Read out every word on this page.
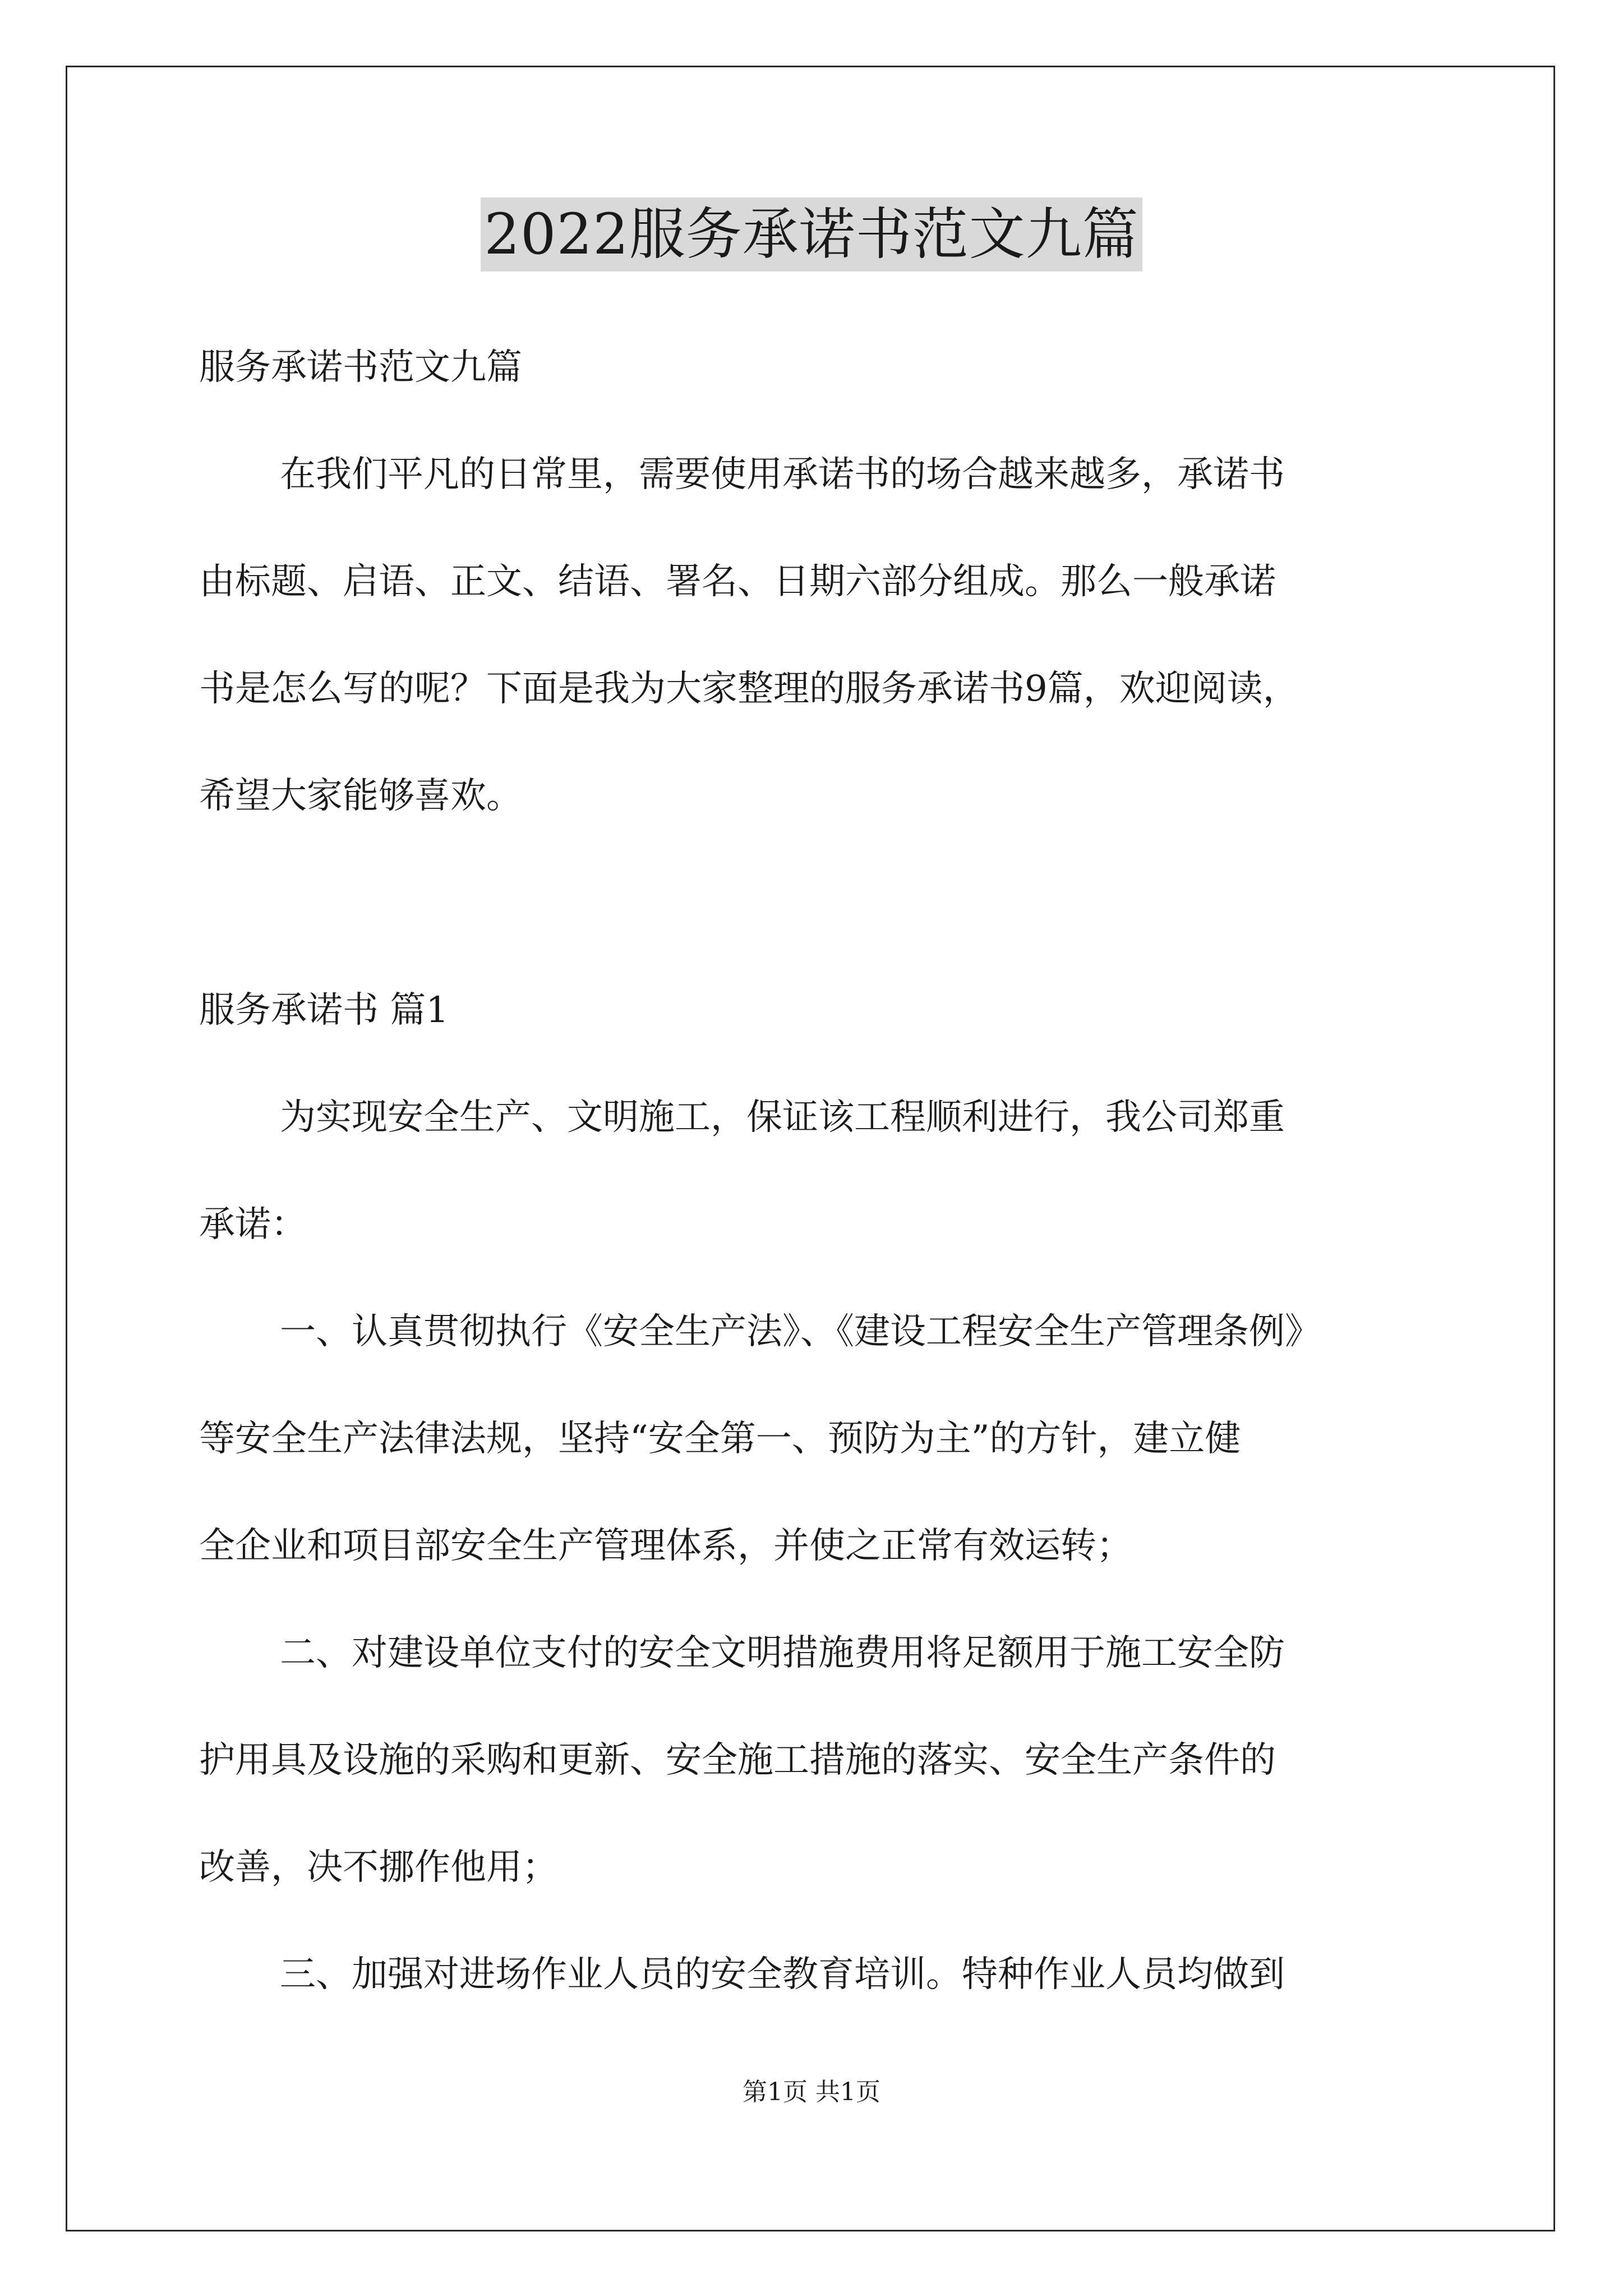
2022服务承诺书范文九篇

服务承诺书范文九篇

在我们平凡的日常里，需要使用承诺书的场合越来越多，承诺书

由标题、启语、正文、结语、署名、日期六部分组成。那么一般承诺

书是怎么写的呢？下面是我为大家整理的服务承诺书9篇，欢迎阅读，

希望大家能够喜欢。

服务承诺书 篇1

为实现安全生产、文明施工，保证该工程顺利进行，我公司郑重

承诺：

一、认真贯彻执行《安全生产法》、《建设工程安全生产管理条例》

等安全生产法律法规，坚持“安全第一、预防为主”的方针，建立健

全企业和项目部安全生产管理体系，并使之正常有效运转；

二、对建设单位支付的安全文明措施费用将足额用于施工安全防

护用具及设施的采购和更新、安全施工措施的落实、安全生产条件的

改善，决不挪作他用；

三、加强对进场作业人员的安全教育培训。特种作业人员均做到

第1页 共1页
